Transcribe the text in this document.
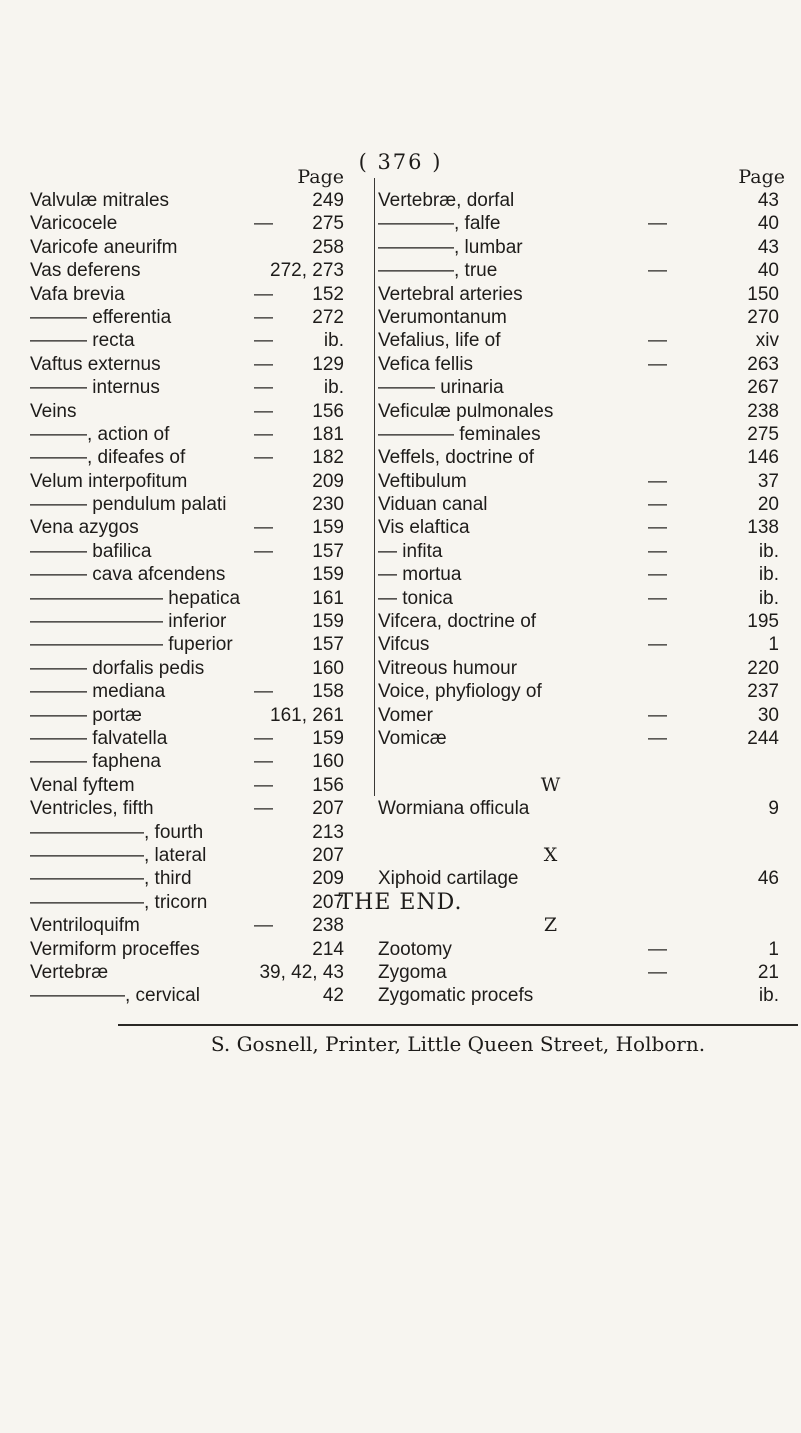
( 376 )
Page
Valvulæ mitrales	249
Varicocele	— 275
Varicofe aneurifm	258
Vas deferens	272, 273
Vafa brevia	— 152
——— efferentia	— 272
——— recta	—	ib.
Vaftus externus	— 129
——— internus	—	ib.
Veins	— 156
———, action of	— 181
———, difeafes of	— 182
Velum interpofitum	209
——— pendulum palati	230
Vena azygos	— 159
——— bafilica	— 157
——— cava afcendens	159
——————— hepatica	161
——————— inferior	159
——————— fuperior	157
——— dorfalis pedis	160
——— mediana	— 158
——— portæ	161, 261
——— falvatella	— 159
——— faphena	— 160
Venal fyftem	— 156
Ventricles, fifth	— 207
——————, fourth	213
——————, lateral	207
——————, third	209
——————, tricorn	207
Ventriloquifm	— 238
Vermiform proceffes	214
Vertebræ	39, 42, 43
—————, cervical	42
Page
Vertebræ, dorfal	43
————, falfe	—	40
————, lumbar	43
————, true	—	40
Vertebral arteries	150
Verumontanum	270
Vefalius, life of	—	xiv
Vefica fellis	—	263
——— urinaria	267
Veficulæ pulmonales	238
———— feminales	275
Veffels, doctrine of	146
Veftibulum	—	37
Viduan canal	—	20
Vis elaftica	—	138
— infita	—	ib.
— mortua	—	ib.
— tonica	—	ib.
Vifcera, doctrine of	195
Vifcus	—	1
Vitreous humour	220
Voice, phyfiology of	237
Vomer	—	30
Vomicæ	—	244
W
Wormiana officula	9
X
Xiphoid cartilage	46
Z
Zootomy	—	1
Zygoma	—	21
Zygomatic procefs	ib.
THE END.
S. Gosnell, Printer, Little Queen Street, Holborn.
